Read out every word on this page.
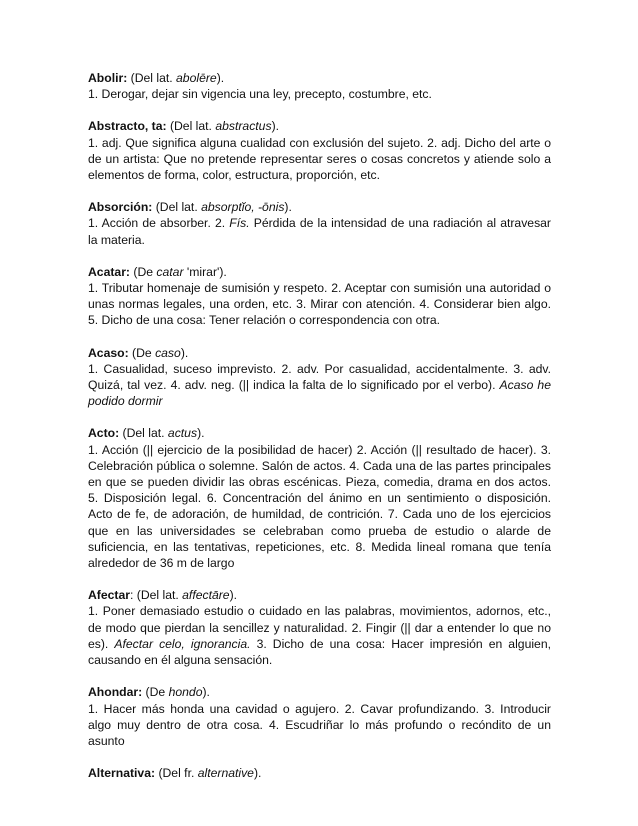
Abolir: (Del lat. abolēre).

1. Derogar, dejar sin vigencia una ley, precepto, costumbre, etc.

Abstracto, ta: (Del lat. abstractus).

1. adj. Que significa alguna cualidad con exclusión del sujeto. 2. adj. Dicho del arte o de un artista: Que no pretende representar seres o cosas concretos y atiende solo a elementos de forma, color, estructura, proporción, etc.

Absorción: (Del lat. absorptĭo, -ōnis).

1. Acción de absorber. 2. Fís. Pérdida de la intensidad de una radiación al atravesar la materia.

Acatar: (De catar 'mirar').

1. Tributar homenaje de sumisión y respeto. 2. Aceptar con sumisión una autoridad o unas normas legales, una orden, etc. 3. Mirar con atención. 4. Considerar bien algo. 5. Dicho de una cosa: Tener relación o correspondencia con otra.

Acaso: (De caso).

1. Casualidad, suceso imprevisto. 2. adv. Por casualidad, accidentalmente. 3. adv. Quizá, tal vez. 4. adv. neg. (|| indica la falta de lo significado por el verbo). Acaso he podido dormir

Acto: (Del lat. actus).

1. Acción (|| ejercicio de la posibilidad de hacer) 2. Acción (|| resultado de hacer). 3. Celebración pública o solemne. Salón de actos. 4. Cada una de las partes principales en que se pueden dividir las obras escénicas. Pieza, comedia, drama en dos actos. 5. Disposición legal. 6. Concentración del ánimo en un sentimiento o disposición. Acto de fe, de adoración, de humildad, de contrición. 7. Cada uno de los ejercicios que en las universidades se celebraban como prueba de estudio o alarde de suficiencia, en las tentativas, repeticiones, etc. 8. Medida lineal romana que tenía alrededor de 36 m de largo

Afectar: (Del lat. affectāre).

1. Poner demasiado estudio o cuidado en las palabras, movimientos, adornos, etc., de modo que pierdan la sencillez y naturalidad. 2. Fingir (|| dar a entender lo que no es). Afectar celo, ignorancia. 3. Dicho de una cosa: Hacer impresión en alguien, causando en él alguna sensación.

Ahondar: (De hondo).

1. Hacer más honda una cavidad o agujero. 2. Cavar profundizando. 3. Introducir algo muy dentro de otra cosa. 4. Escudriñar lo más profundo o recóndito de un asunto

Alternativa: (Del fr. alternative).
